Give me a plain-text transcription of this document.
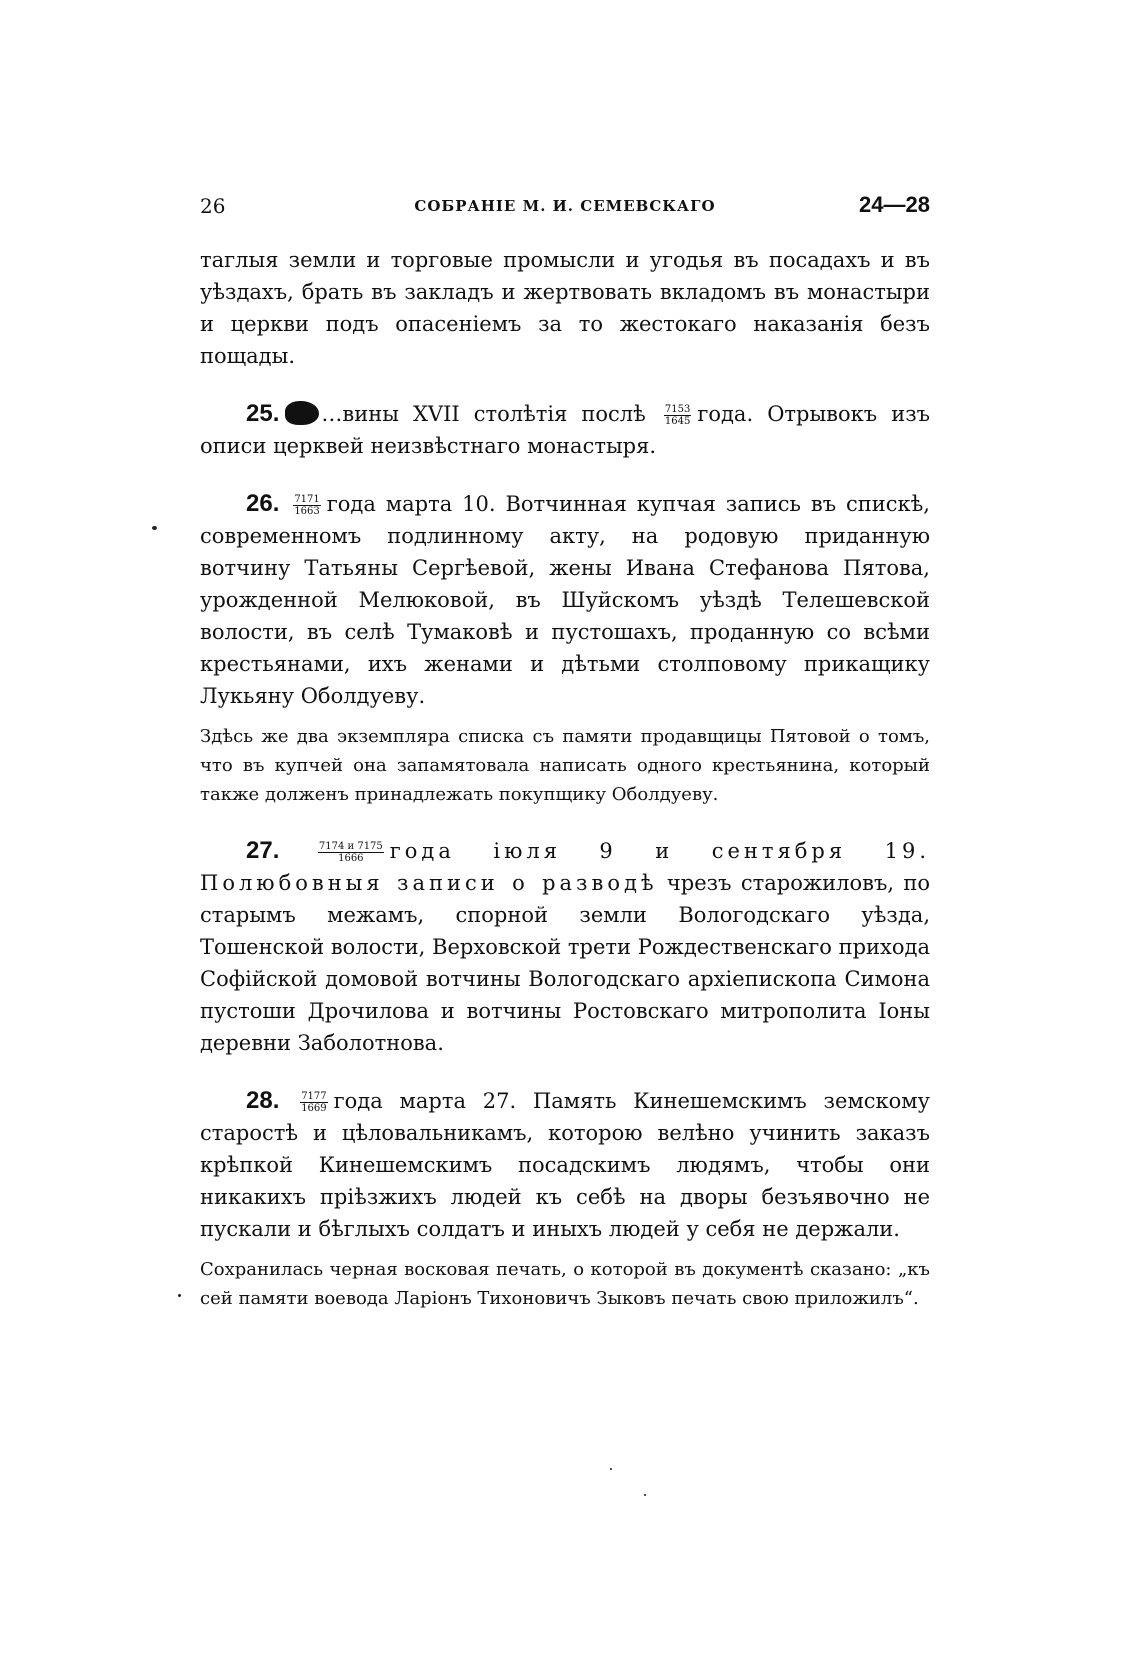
26	СОБРАНІЕ М. И. СЕМЕВСКАГО	24—28

таглыя земли и торговые промысли и угодья въ посадахъ и въ уѣздахъ, брать въ закладъ и жертвовать вкладомъ въ монастыри и церкви подъ опасеніемъ за то жестокаго наказанія безъ пощады.

25. …вины XVII столѣтія послѣ $\frac{7153}{1645}$ года. Отрывокъ изъ описи церквей неизвѣстнаго монастыря.

26. $\frac{7171}{1663}$ года марта 10. Вотчинная купчая запись въ спискѣ, современномъ подлинному акту, на родовую приданную вотчину Татьяны Сергѣевой, жены Ивана Стефанова Пятова, урожденной Мелюковой, въ Шуйскомъ уѣздѣ Телешевской волости, въ селѣ Тумаковѣ и пустошахъ, проданную со всѣми крестьянами, ихъ женами и дѣтьми столповому прикащику Лукьяну Оболдуеву.

Здѣсь же два экземпляра списка съ памяти продавщицы Пятовой о томъ, что въ купчей она запамятовала написать одного крестьянина, который также долженъ принадлежать покупщику Оболдуеву.

27.	$\frac{7174 и 7175}{1666}$ года іюля 9 и сентября 19. Полюбовныя записи о разводѣ чрезъ старожиловъ, по старымъ межамъ, спорной земли Вологодскаго уѣзда, Тошенской волости, Верховской трети Рождественскаго прихода Софійской домовой вотчины Вологодскаго архіепископа Симона пустоши Дрочилова и вотчины Ростовскаго митрополита Іоны деревни Заболотнова.

28. $\frac{7177}{1669}$ года марта 27. Память Кинешемскимъ земскому старостѣ и цѣловальникамъ, которою велѣно учинить заказъ крѣпкой Кинешемскимъ посадскимъ людямъ, чтобы они никакихъ пріѣзжихъ людей къ себѣ на дворы безъявочно не пускали и бѣглыхъ солдатъ и иныхъ людей у себя не держали.

Сохранилась черная восковая печать, о которой въ документѣ сказано: „къ сей памяти воевода Ларіонъ Тихоновичъ Зыковъ печать свою приложилъ“.
